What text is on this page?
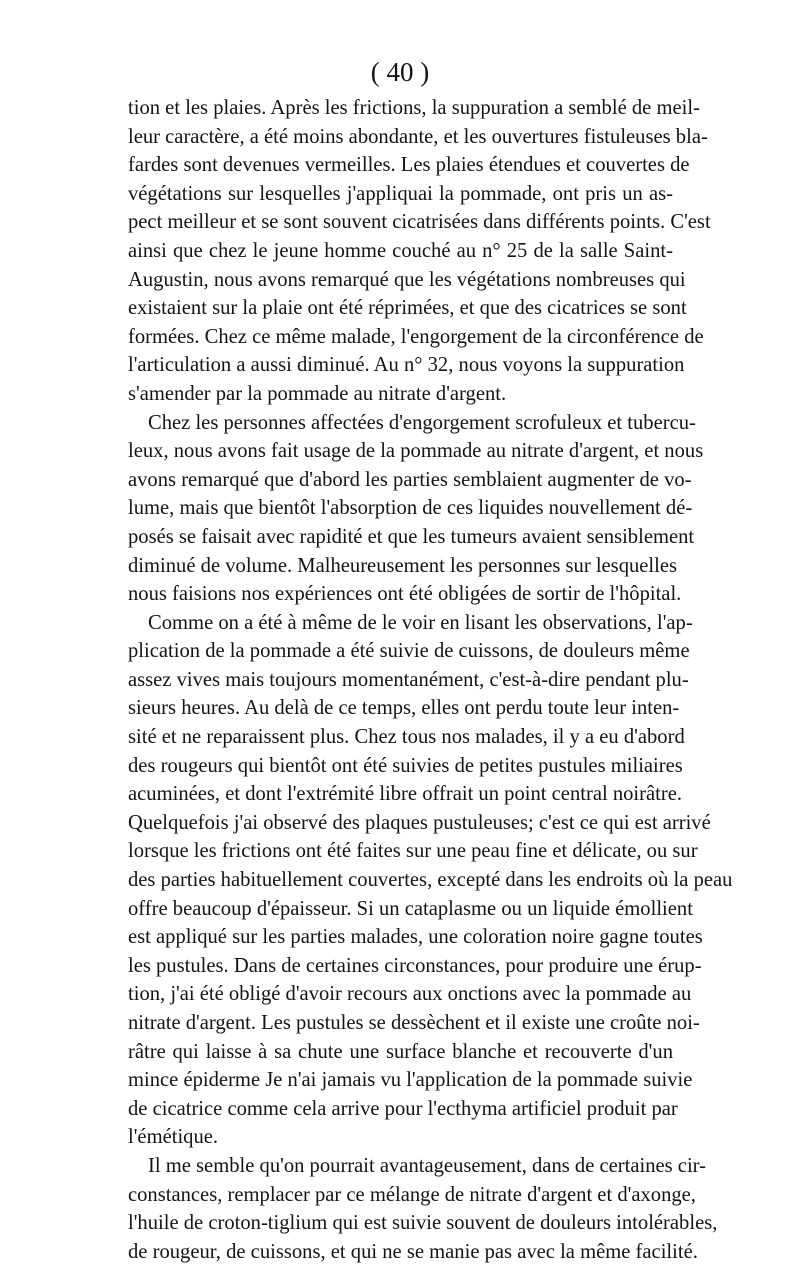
( 40 )

tion et les plaies. Après les frictions, la suppuration a semblé de meil-
leur caractère, a été moins abondante, et les ouvertures fistuleuses bla-
fardes sont devenues vermeilles. Les plaies étendues et couvertes de
végétations sur lesquelles j'appliquai la pommade, ont pris un as-
pect meilleur et se sont souvent cicatrisées dans différents points. C'est
ainsi que chez le jeune homme couché au n° 25 de la salle Saint-
Augustin, nous avons remarqué que les végétations nombreuses qui
existaient sur la plaie ont été réprimées, et que des cicatrices se sont
formées. Chez ce même malade, l'engorgement de la circonférence de
l'articulation a aussi diminué. Au n° 32, nous voyons la suppuration
s'amender par la pommade au nitrate d'argent.

Chez les personnes affectées d'engorgement scrofuleux et tubercu-
leux, nous avons fait usage de la pommade au nitrate d'argent, et nous
avons remarqué que d'abord les parties semblaient augmenter de vo-
lume, mais que bientôt l'absorption de ces liquides nouvellement dé-
posés se faisait avec rapidité et que les tumeurs avaient sensiblement
diminué de volume. Malheureusement les personnes sur lesquelles
nous faisions nos expériences ont été obligées de sortir de l'hôpital.

Comme on a été à même de le voir en lisant les observations, l'ap-
plication de la pommade a été suivie de cuissons, de douleurs même
assez vives mais toujours momentanément, c'est-à-dire pendant plu-
sieurs heures. Au delà de ce temps, elles ont perdu toute leur inten-
sité et ne reparaissent plus. Chez tous nos malades, il y a eu d'abord
des rougeurs qui bientôt ont été suivies de petites pustules miliaires
acuminées, et dont l'extrémité libre offrait un point central noirâtre.
Quelquefois j'ai observé des plaques pustuleuses; c'est ce qui est arrivé
lorsque les frictions ont été faites sur une peau fine et délicate, ou sur
des parties habituellement couvertes, excepté dans les endroits où la peau
offre beaucoup d'épaisseur. Si un cataplasme ou un liquide émollient
est appliqué sur les parties malades, une coloration noire gagne toutes
les pustules. Dans de certaines circonstances, pour produire une érup-
tion, j'ai été obligé d'avoir recours aux onctions avec la pommade au
nitrate d'argent. Les pustules se dessèchent et il existe une croûte noi-
râtre qui laisse à sa chute une surface blanche et recouverte d'un
mince épiderme Je n'ai jamais vu l'application de la pommade suivie
de cicatrice comme cela arrive pour l'ecthyma artificiel produit par
l'émétique.

Il me semble qu'on pourrait avantageusement, dans de certaines cir-
constances, remplacer par ce mélange de nitrate d'argent et d'axonge,
l'huile de croton-tiglium qui est suivie souvent de douleurs intolérables,
de rougeur, de cuissons, et qui ne se manie pas avec la même facilité.
